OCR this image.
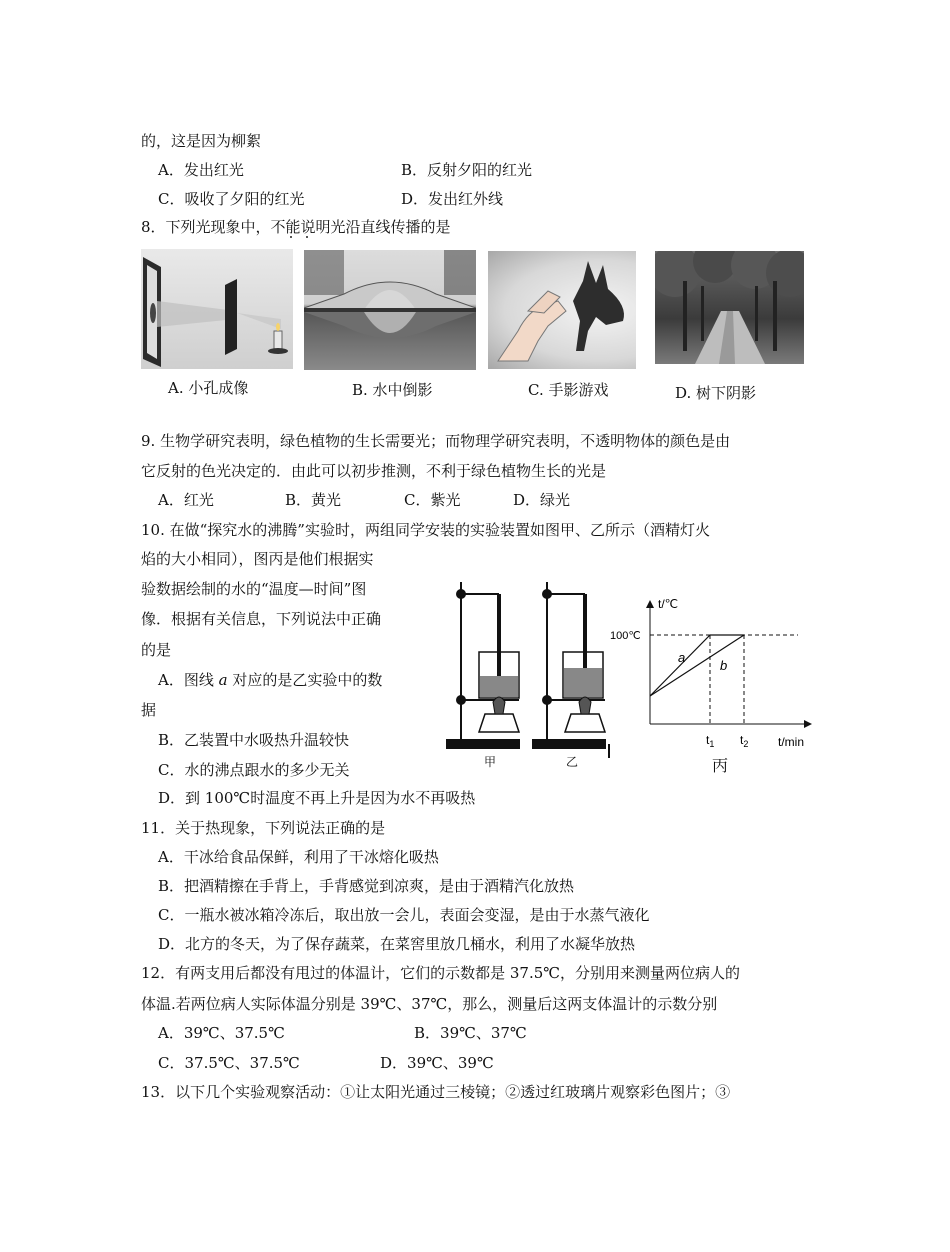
的，这是因为柳絮
A．发出红光	B．反射夕阳的红光
C．吸收了夕阳的红光	D．发出红外线
8．下列光现象中，不能说明光沿直线传播的是
A. 小孔成像	B. 水中倒影	C. 手影游戏	D. 树下阴影
9. 生物学研究表明，绿色植物的生长需要光；而物理学研究表明，不透明物体的颜色是由
它反射的色光决定的．由此可以初步推测，不利于绿色植物生长的光是
A．红光	B．黄光	C．紫光	D．绿光
10. 在做“探究水的沸腾”实验时，两组同学安装的实验装置如图甲、乙所示（酒精灯火
焰的大小相同），图丙是他们根据实
验数据绘制的水的“温度—时间”图
像．根据有关信息，下列说法中正确
的是
A．图线 a 对应的是乙实验中的数
据
B．乙装置中水吸热升温较快
C．水的沸点跟水的多少无关
D．到 100℃时温度不再上升是因为水不再吸热
甲	乙
t/℃
100℃
a
b
$t_1$ $t_2$ t/min
丙
11．关于热现象，下列说法正确的是
A．干冰给食品保鲜，利用了干冰熔化吸热
B．把酒精擦在手背上，手背感觉到凉爽，是由于酒精汽化放热
C．一瓶水被冰箱冷冻后，取出放一会儿，表面会变湿，是由于水蒸气液化
D．北方的冬天，为了保存蔬菜，在菜窖里放几桶水，利用了水凝华放热
12．有两支用后都没有甩过的体温计，它们的示数都是 37.5℃，分别用来测量两位病人的
体温.若两位病人实际体温分别是 39℃、37℃，那么，测量后这两支体温计的示数分别
A．39℃、37.5℃	B．39℃、37℃
C．37.5℃、37.5℃	D．39℃、39℃
13．以下几个实验观察活动：①让太阳光通过三棱镜；②透过红玻璃片观察彩色图片；③
